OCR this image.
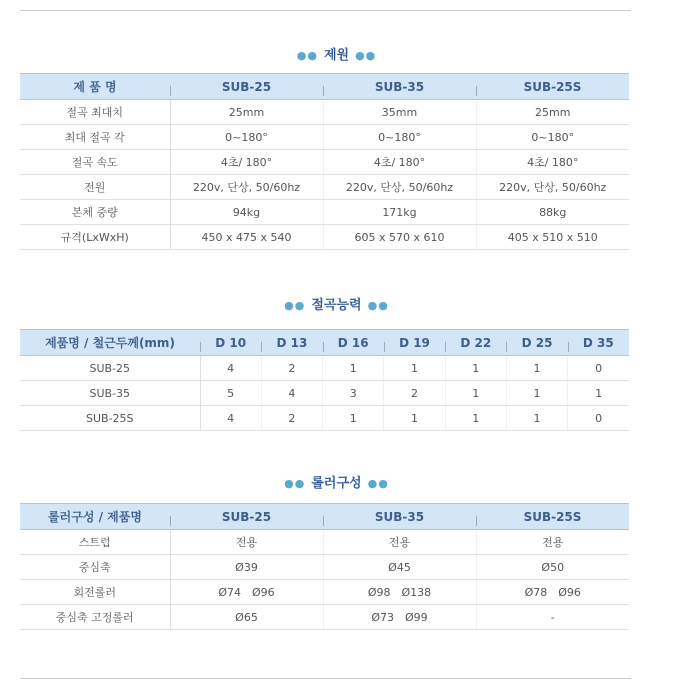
●● 제원 ●●
제 품 명	SUB-25	SUB-35	SUB-25S
절곡 최대치	25mm	35mm	25mm
최대 절곡 각	0~180°	0~180°	0~180°
절곡 속도	4초/ 180°	4초/ 180°	4초/ 180°
전원	220v, 단상, 50/60hz	220v, 단상, 50/60hz	220v, 단상, 50/60hz
본체 중량	94kg	171kg	88kg
규격(LxWxH)	450 x 475 x 540	605 x 570 x 610	405 x 510 x 510
●● 절곡능력 ●●
제품명 / 철근두께(mm)	D 10	D 13	D 16	D 19	D 22	D 25	D 35
SUB-25	4	2	1	1	1	1	0
SUB-35	5	4	3	2	1	1	1
SUB-25S	4	2	1	1	1	1	0
●● 롤러구성 ●●
롤러구성 / 제품명	SUB-25	SUB-35	SUB-25S
스트럽	전용	전용	전용
중심축	Ø39	Ø45	Ø50
회전롤러	Ø74　Ø96	Ø98　Ø138	Ø78　Ø96
중심축 고정롤러	Ø65	Ø73　Ø99	-
